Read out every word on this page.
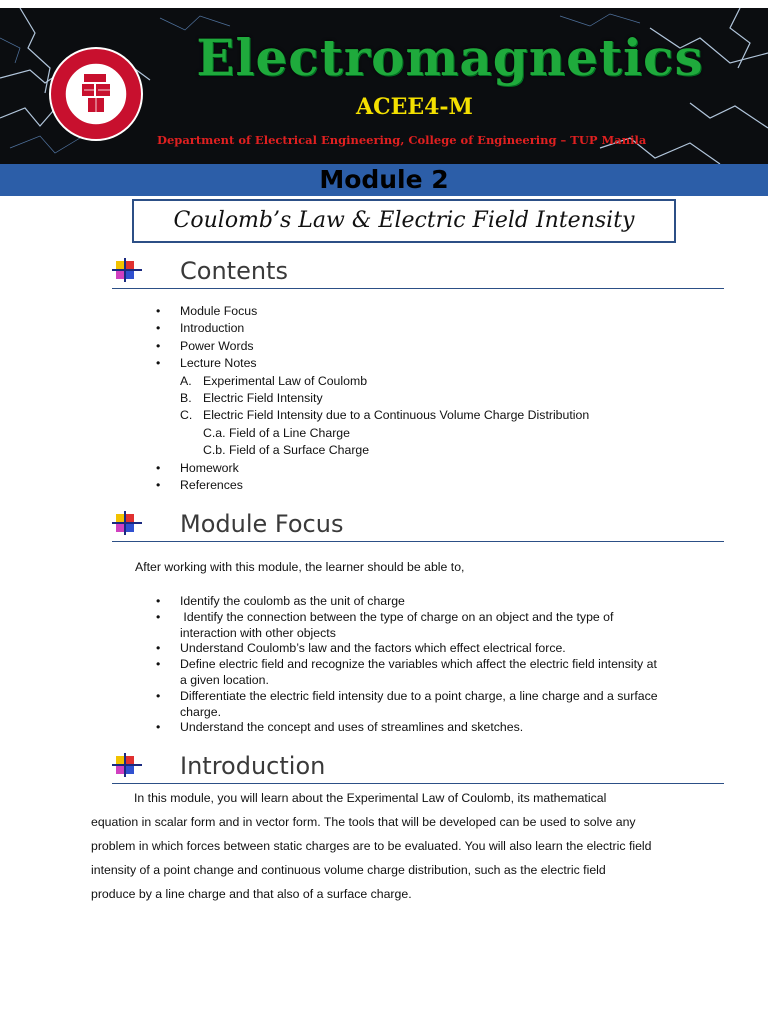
Electromagnetics
ACEE4-M
Department of Electrical Engineering, College of Engineering – TUP Manila
Module 2
Coulomb’s Law & Electric Field Intensity
Contents
• Module Focus
• Introduction
• Power Words
• Lecture Notes
A. Experimental Law of Coulomb
B. Electric Field Intensity
C. Electric Field Intensity due to a Continuous Volume Charge Distribution
C.a. Field of a Line Charge
C.b. Field of a Surface Charge
• Homework
• References
Module Focus
After working with this module, the learner should be able to,
• Identify the coulomb as the unit of charge
•  Identify the connection between the type of charge on an object and the type of
interaction with other objects
• Understand Coulomb’s law and the factors which effect electrical force.
• Define electric field and recognize the variables which affect the electric field intensity at
a given location.
• Differentiate the electric field intensity due to a point charge, a line charge and a surface
charge.
• Understand the concept and uses of streamlines and sketches.
Introduction
In this module, you will learn about the Experimental Law of Coulomb, its mathematical
equation in scalar form and in vector form. The tools that will be developed can be used to solve any
problem in which forces between static charges are to be evaluated. You will also learn the electric field
intensity of a point change and continuous volume charge distribution, such as the electric field
produce by a line charge and that also of a surface charge.
